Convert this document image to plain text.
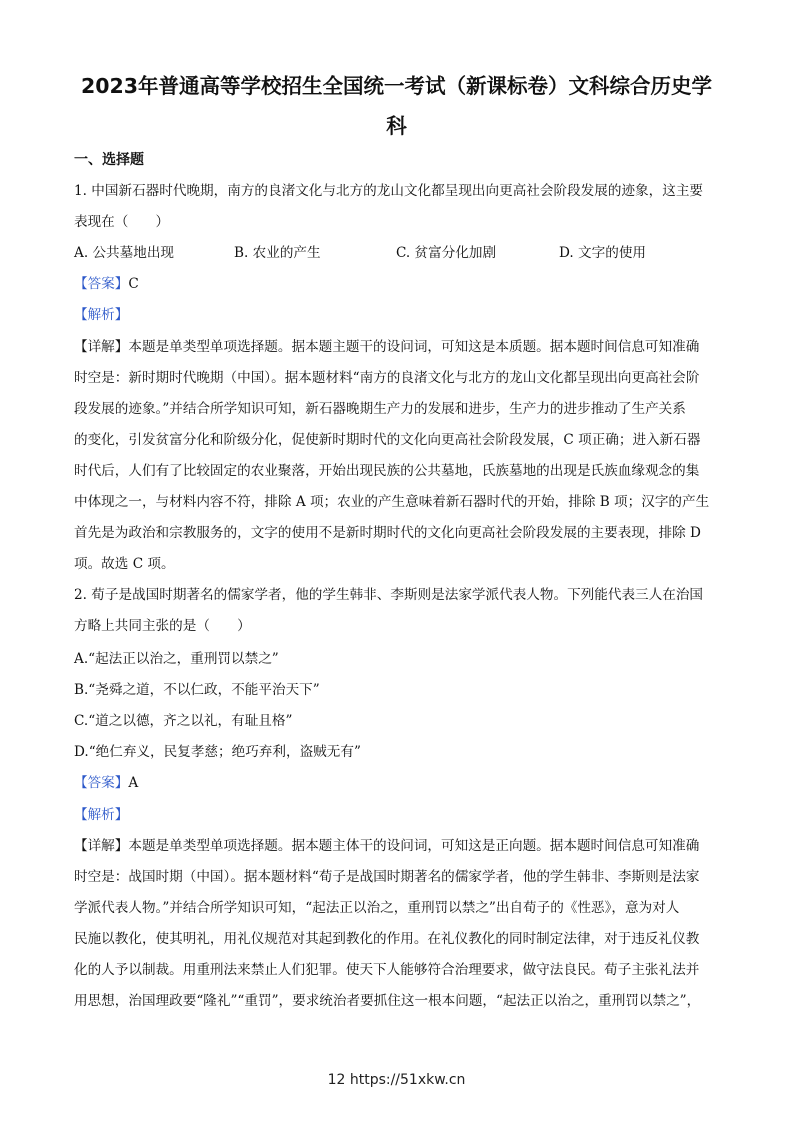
2023年普通高等学校招生全国统一考试（新课标卷）文科综合历史学
科
一、选择题
1. 中国新石器时代晚期，南方的良渚文化与北方的龙山文化都呈现出向更高社会阶段发展的迹象，这主要
表现在（　　）
A. 公共墓地出现	B. 农业的产生	C. 贫富分化加剧	D. 文字的使用
【答案】C
【解析】
【详解】本题是单类型单项选择题。据本题主题干的设问词，可知这是本质题。据本题时间信息可知准确
时空是：新时期时代晚期（中国）。据本题材料“南方的良渚文化与北方的龙山文化都呈现出向更高社会阶
段发展的迹象。”并结合所学知识可知，新石器晚期生产力的发展和进步，生产力的进步推动了生产关系
的变化，引发贫富分化和阶级分化，促使新时期时代的文化向更高社会阶段发展，C 项正确；进入新石器
时代后，人们有了比较固定的农业聚落，开始出现民族的公共墓地，氏族墓地的出现是氏族血缘观念的集
中体现之一，与材料内容不符，排除 A 项；农业的产生意味着新石器时代的开始，排除 B 项；汉字的产生
首先是为政治和宗教服务的，文字的使用不是新时期时代的文化向更高社会阶段发展的主要表现，排除 D
项。故选 C 项。
2. 荀子是战国时期著名的儒家学者，他的学生韩非、李斯则是法家学派代表人物。下列能代表三人在治国
方略上共同主张的是（　　）
A.“起法正以治之，重刑罚以禁之”
B.“尧舜之道，不以仁政，不能平治天下”
C.“道之以德，齐之以礼，有耻且格”
D.“绝仁弃义，民复孝慈；绝巧弃利，盗贼无有”
【答案】A
【解析】
【详解】本题是单类型单项选择题。据本题主体干的设问词，可知这是正向题。据本题时间信息可知准确
时空是：战国时期（中国）。据本题材料“荀子是战国时期著名的儒家学者，他的学生韩非、李斯则是法家
学派代表人物。”并结合所学知识可知，“起法正以治之，重刑罚以禁之”出自荀子的《性恶》，意为对人
民施以教化，使其明礼，用礼仪规范对其起到教化的作用。在礼仪教化的同时制定法律，对于违反礼仪教
化的人予以制裁。用重刑法来禁止人们犯罪。使天下人能够符合治理要求，做守法良民。荀子主张礼法并
用思想，治国理政要“隆礼”“重罚”，要求统治者要抓住这一根本问题，“起法正以治之，重刑罚以禁之”，
12 https://51xkw.cn
